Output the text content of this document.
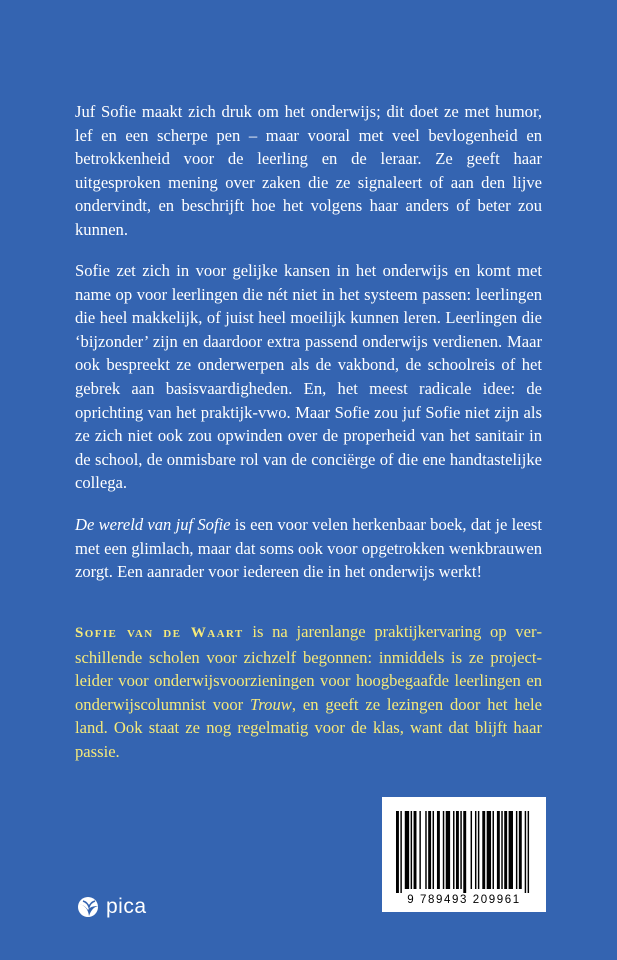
Juf Sofie maakt zich druk om het onderwijs; dit doet ze met humor, lef en een scherpe pen – maar vooral met veel bevlogenheid en betrokkenheid voor de leerling en de leraar. Ze geeft haar uitgesproken mening over zaken die ze signaleert of aan den lijve ondervindt, en beschrijft hoe het volgens haar anders of beter zou kunnen.

Sofie zet zich in voor gelijke kansen in het onderwijs en komt met name op voor leerlingen die nét niet in het systeem passen: leerlingen die heel makkelijk, of juist heel moeilijk kunnen leren. Leerlingen die ‘bijzonder’ zijn en daardoor extra passend onderwijs verdienen. Maar ook bespreekt ze onderwerpen als de vakbond, de schoolreis of het gebrek aan basisvaardigheden. En, het meest radicale idee: de oprichting van het praktijk-vwo. Maar Sofie zou juf Sofie niet zijn als ze zich niet ook zou opwinden over de properheid van het sanitair in de school, de onmisbare rol van de conciërge of die ene handtastelijke collega.

De wereld van juf Sofie is een voor velen herkenbaar boek, dat je leest met een glimlach, maar dat soms ook voor opgetrokken wenkbrauwen zorgt. Een aanrader voor iedereen die in het onderwijs werkt!

Sofie van de Waart is na jarenlange praktijkervaring op verschillende scholen voor zichzelf begonnen: inmiddels is ze projectleider voor onderwijsvoorzieningen voor hoogbegaafde leerlingen en onderwijscolumnist voor Trouw, en geeft ze lezingen door het hele land. Ook staat ze nog regelmatig voor de klas, want dat blijft haar passie.

9 789493 209961
pica
